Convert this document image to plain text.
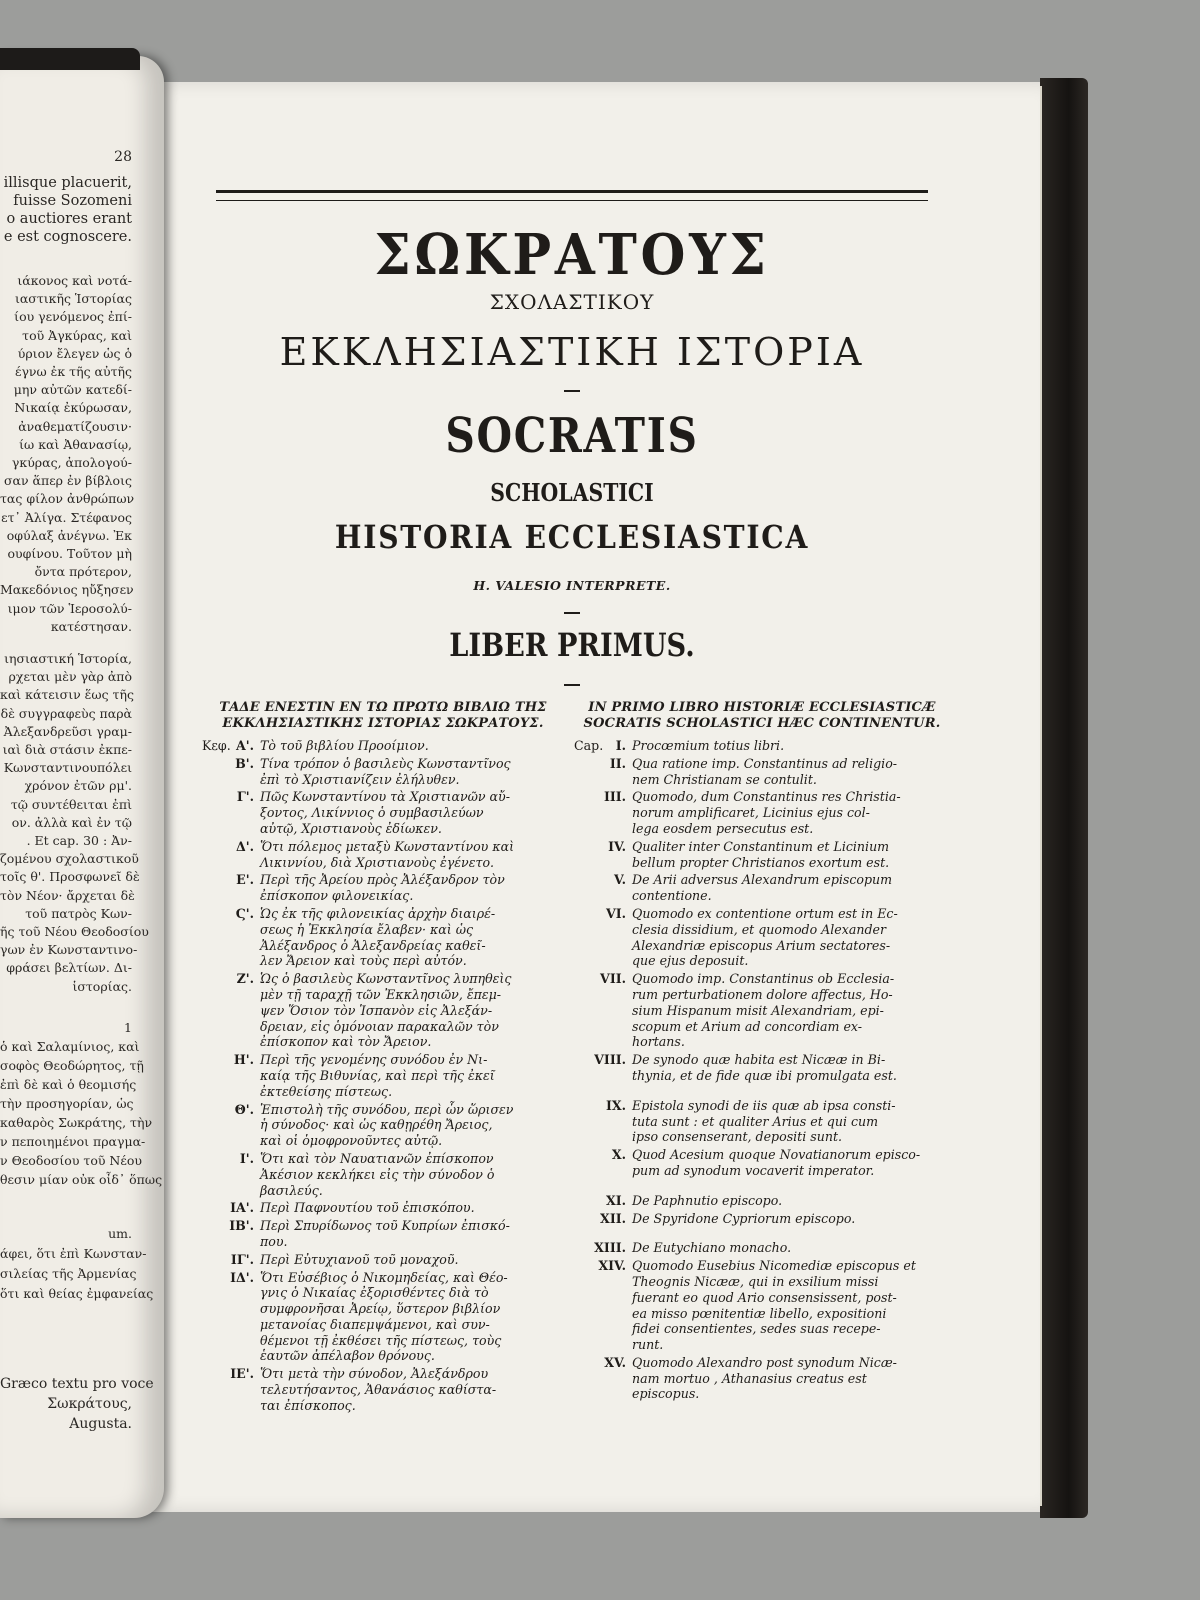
ΣΩΚΡΑΤΟΥΣ
ΣΧΟΛΑΣΤΙΚΟΥ
ΕΚΚΛΗΣΙΑΣΤΙΚΗ ΙΣΤΟΡΙΑ
SOCRATIS
SCHOLASTICI
HISTORIA ECCLESIASTICA
H. VALESIO INTERPRETE.
LIBER PRIMUS.
ΤΑΔΕ ΕΝΕΣΤΙΝ ΕΝ ΤΩ ΠΡΩΤΩ ΒΙΒΛΙΩ ΤΗΣ
ΕΚΚΛΗΣΙΑΣΤΙΚΗΣ ΙΣΤΟΡΙΑΣ ΣΩΚΡΑΤΟΥΣ.
IN PRIMO LIBRO HISTORIÆ ECCLESIASTICÆ
SOCRATIS SCHOLASTICI HÆC CONTINENTUR.
Κεφ. Α'. Τὸ τοῦ βιβλίου Προοίμιον.
Β'. Τίνα τρόπον ὁ βασιλεὺς Κωνσταντῖνος
ἐπὶ τὸ Χριστιανίζειν ἐλήλυθεν.
Γ'. Πῶς Κωνσταντίνου τὰ Χριστιανῶν αὔ-
ξοντος, Λικίννιος ὁ συμβασιλεύων
αὐτῷ, Χριστιανοὺς ἐδίωκεν.
Δ'. Ὅτι πόλεμος μεταξὺ Κωνσταντίνου καὶ
Λικιννίου, διὰ Χριστιανοὺς ἐγένετο.
Ε'. Περὶ τῆς Ἀρείου πρὸς Ἀλέξανδρον τὸν
ἐπίσκοπον φιλονεικίας.
Ϛ'. Ὡς ἐκ τῆς φιλονεικίας ἀρχὴν διαιρέ-
σεως ἡ Ἐκκλησία ἔλαβεν· καὶ ὡς
Ἀλέξανδρος ὁ Ἀλεξανδρείας καθεῖ-
λεν Ἄρειον καὶ τοὺς περὶ αὐτόν.
Ζ'. Ὡς ὁ βασιλεὺς Κωνσταντῖνος λυπηθεὶς
μὲν τῇ ταραχῇ τῶν Ἐκκλησιῶν, ἔπεμ-
ψεν Ὅσιον τὸν Ἱσπανὸν εἰς Ἀλεξάν-
δρειαν, εἰς ὁμόνοιαν παρακαλῶν τὸν
ἐπίσκοπον καὶ τὸν Ἄρειον.
Η'. Περὶ τῆς γενομένης συνόδου ἐν Νι-
καίᾳ τῆς Βιθυνίας, καὶ περὶ τῆς ἐκεῖ
ἐκτεθείσης πίστεως.
Θ'. Ἐπιστολὴ τῆς συνόδου, περὶ ὧν ὥρισεν
ἡ σύνοδος· καὶ ὡς καθῃρέθη Ἄρειος,
καὶ οἱ ὁμοφρονοῦντες αὐτῷ.
Ι'. Ὅτι καὶ τὸν Ναυατιανῶν ἐπίσκοπον
Ἀκέσιον κεκλήκει εἰς τὴν σύνοδον ὁ
βασιλεύς.
ΙΑ'. Περὶ Παφνουτίου τοῦ ἐπισκόπου.
ΙΒ'. Περὶ Σπυρίδωνος τοῦ Κυπρίων ἐπισκό-
που.
ΙΓ'. Περὶ Εὐτυχιανοῦ τοῦ μοναχοῦ.
ΙΔ'. Ὅτι Εὐσέβιος ὁ Νικομηδείας, καὶ Θέο-
γνις ὁ Νικαίας ἐξορισθέντες διὰ τὸ
συμφρονῆσαι Ἀρείῳ, ὕστερον βιβλίον
μετανοίας διαπεμψάμενοι, καὶ συν-
θέμενοι τῇ ἐκθέσει τῆς πίστεως, τοὺς
ἑαυτῶν ἀπέλαβον θρόνους.
ΙΕ'. Ὅτι μετὰ τὴν σύνοδον, Ἀλεξάνδρου
τελευτήσαντος, Ἀθανάσιος καθίστα-
ται ἐπίσκοπος.
Cap. I. Procœmium totius libri.
II. Qua ratione imp. Constantinus ad religio-
nem Christianam se contulit.
III. Quomodo, dum Constantinus res Christia-
norum amplificaret, Licinius ejus col-
lega eosdem persecutus est.
IV. Qualiter inter Constantinum et Licinium
bellum propter Christianos exortum est.
V. De Arii adversus Alexandrum episcopum
contentione.
VI. Quomodo ex contentione ortum est in Ec-
clesia dissidium, et quomodo Alexander
Alexandriæ episcopus Arium sectatores-
que ejus deposuit.
VII. Quomodo imp. Constantinus ob Ecclesia-
rum perturbationem dolore affectus, Ho-
sium Hispanum misit Alexandriam, epi-
scopum et Arium ad concordiam ex-
hortans.
VIII. De synodo quæ habita est Nicææ in Bi-
thynia, et de fide quæ ibi promulgata est.
IX. Epistola synodi de iis quæ ab ipsa consti-
tuta sunt : et qualiter Arius et qui cum
ipso consenserant, depositi sunt.
X. Quod Acesium quoque Novatianorum episco-
pum ad synodum vocaverit imperator.
XI. De Paphnutio episcopo.
XII. De Spyridone Cypriorum episcopo.
XIII. De Eutychiano monacho.
XIV. Quomodo Eusebius Nicomediæ episcopus et
Theognis Nicææ, qui in exsilium missi
fuerant eo quod Ario consensissent, post-
ea misso pœnitentiæ libello, expositioni
fidei consentientes, sedes suas recepe-
runt.
XV. Quomodo Alexandro post synodum Nicæ-
nam mortuo , Athanasius creatus est
episcopus.
28
illisque placuerit,
fuisse Sozomeni
o auctiores erant
e est cognoscere.
ιάκονος καὶ νοτά-
ιαστικῆς Ἱστορίας
ίου γενόμενος ἐπί-
τοῦ Ἀγκύρας, καὶ
ύριον ἔλεγεν ὡς ὁ
έγνω ἐκ τῆς αὐτῆς
μην αὐτῶν κατεδί-
Νικαίᾳ ἐκύρωσαν,
ἀναθεματίζουσιν·
ίω καὶ Ἀθανασίῳ,
γκύρας, ἀπολογού-
σαν ἅπερ ἐν βίβλοις
τας φίλον ἀνθρώπων
ετ᾽ Ἀλίγα. Στέφανος
οφύλαξ ἀνέγνω. Ἐκ
ουφίνου. Τοῦτον μὴ
ὄντα πρότερον,
Μακεδόνιος ηὔξησεν
ιμον τῶν Ἱεροσολύ-
κατέστησαν.
ιησιαστική Ἱστορία,
ρχεται μὲν γὰρ ἀπὸ
καὶ κάτεισιν ἕως τῆς
δὲ συγγραφεὺς παρὰ
Ἀλεξανδρεῦσι γραμ-
ιαὶ διὰ στάσιν ἐκπε-
Κωνσταντινουπόλει
χρόνον ἐτῶν ρμ'.
τῷ συντέθειται ἐπὶ
ον. ἀλλὰ καὶ ἐν τῷ
. Et cap. 30 : Ἀν-
ζομένου σχολαστικοῦ
τοῖς θ'. Προσφωνεῖ δὲ
τὸν Νέον· ἄρχεται δὲ
τοῦ πατρὸς Κων-
ῆς τοῦ Νέου Θεοδοσίου
γων ἐν Κωνσταντινο-
φράσει βελτίων. Δι-
ἱστορίας.
1
ὁ καὶ Σαλαμίνιος, καὶ
σοφὸς Θεοδώρητος, τῇ
ἐπὶ δὲ καὶ ὁ θεομισής
τὴν προσηγορίαν, ὡς
καθαρὸς Σωκράτης, τὴν
ν πεποιημένοι πραγμα-
ν Θεοδοσίου τοῦ Νέου
θεσιν μίαν οὐκ οἶδ᾽ ὅπως
um.
άφει, ὅτι ἐπὶ Κωνσταν-
σιλείας τῆς Ἀρμενίας
ὅτι καὶ θείας ἐμφανείας
Græco textu pro voce
Σωκράτους,
Augusta.
